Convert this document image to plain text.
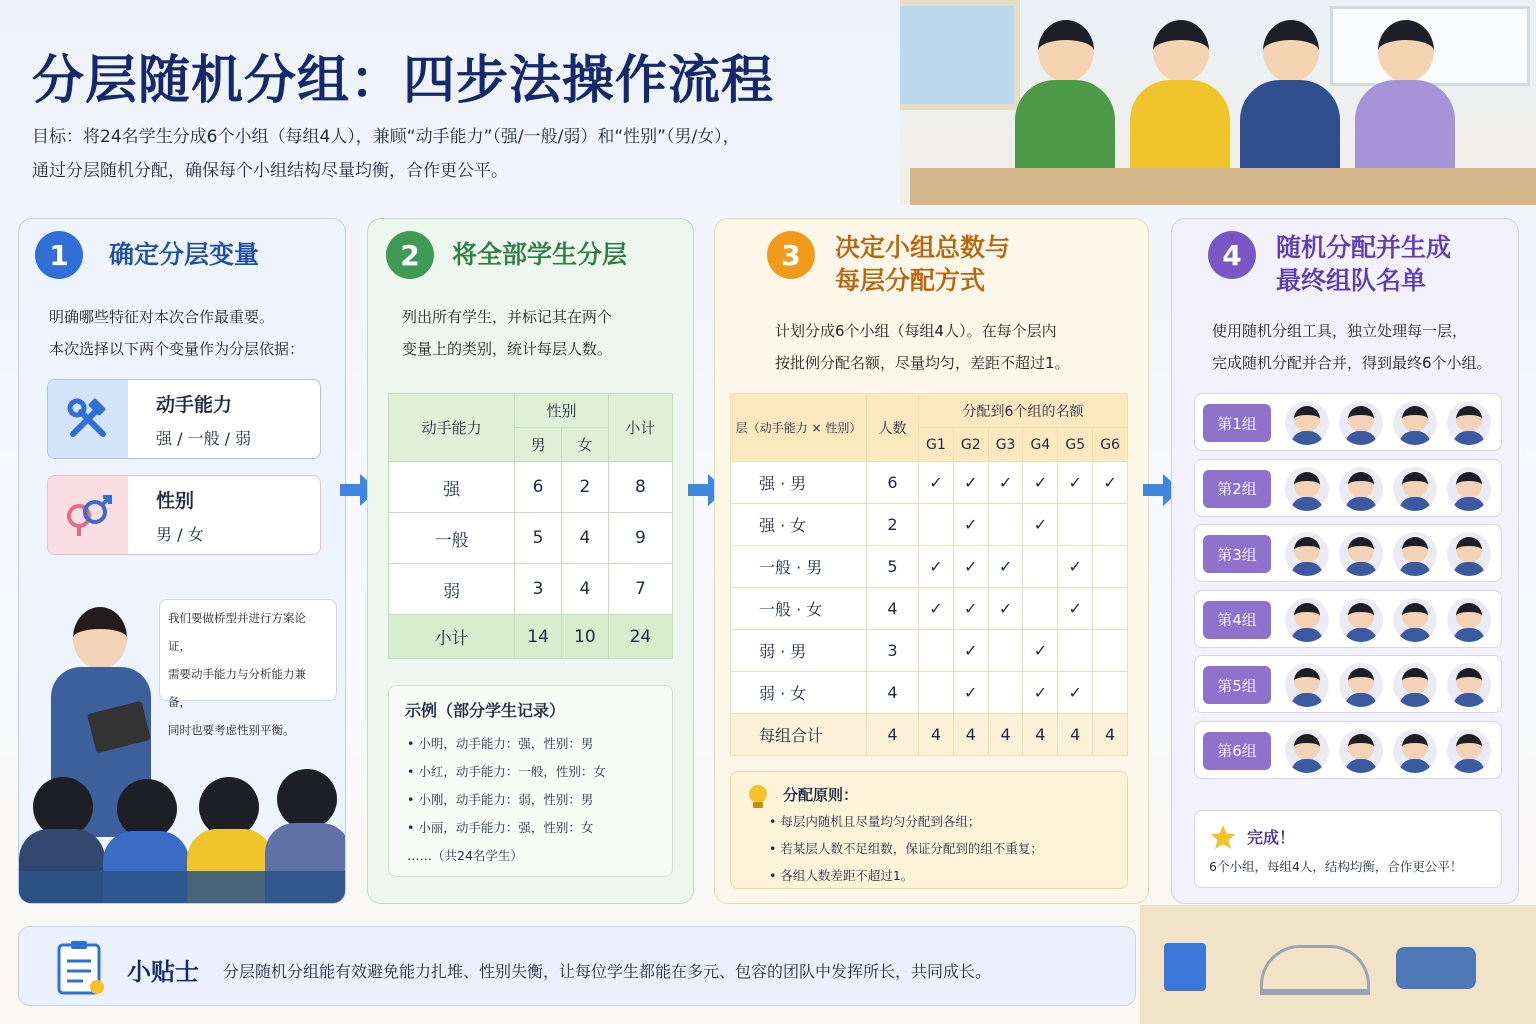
分层随机分组：四步法操作流程
目标：将24名学生分成6个小组（每组4人），兼顾“动手能力”（强/一般/弱）和“性别”（男/女），
通过分层随机分配，确保每个小组结构尽量均衡，合作更公平。
1	确定分层变量
明确哪些特征对本次合作最重要。
本次选择以下两个变量作为分层依据：
动手能力
强 / 一般 / 弱
性别
男 / 女
我们要做桥型并进行方案论证，
需要动手能力与分析能力兼备，
同时也要考虑性别平衡。
2	将全部学生分层
列出所有学生，并标记其在两个
变量上的类别，统计每层人数。
动手能力	性别		小计
	男	女	
强	6	2	8
一般	5	4	9
弱	3	4	7
小计	14	10	24
示例（部分学生记录）
• 小明，动手能力：强，性别：男
• 小红，动手能力：一般，性别：女
• 小刚，动手能力：弱，性别：男
• 小丽，动手能力：强，性别：女
……（共24名学生）
3	决定小组总数与
每层分配方式
计划分成6个小组（每组4人）。在每个层内
按批例分配名额，尽量均匀，差距不超过1。
层（动手能力 × 性别）	人数	分配到6个组的名额					
		G1	G2	G3	G4	G5	G6
强 · 男	6	✓	✓	✓	✓	✓	✓
强 · 女	2		✓		✓		
一般 · 男	5	✓	✓	✓		✓	
一般 · 女	4	✓	✓	✓		✓	
弱 · 男	3		✓		✓		
弱 · 女	4		✓		✓	✓	
每组合计	4	4	4	4	4	4	4
分配原则：
• 每层内随机且尽量均匀分配到各组；
• 若某层人数不足组数，保证分配到的组不重复；
• 各组人数差距不超过1。
4	随机分配并生成
最终组队名单
使用随机分组工具，独立处理每一层，
完成随机分配并合并，得到最终6个小组。
第1组
第2组
第3组
第4组
第5组
第6组
完成！
6个小组，每组4人，结构均衡，合作更公平！
小贴士 分层随机分组能有效避免能力扎堆、性别失衡，让每位学生都能在多元、包容的团队中发挥所长，共同成长。
